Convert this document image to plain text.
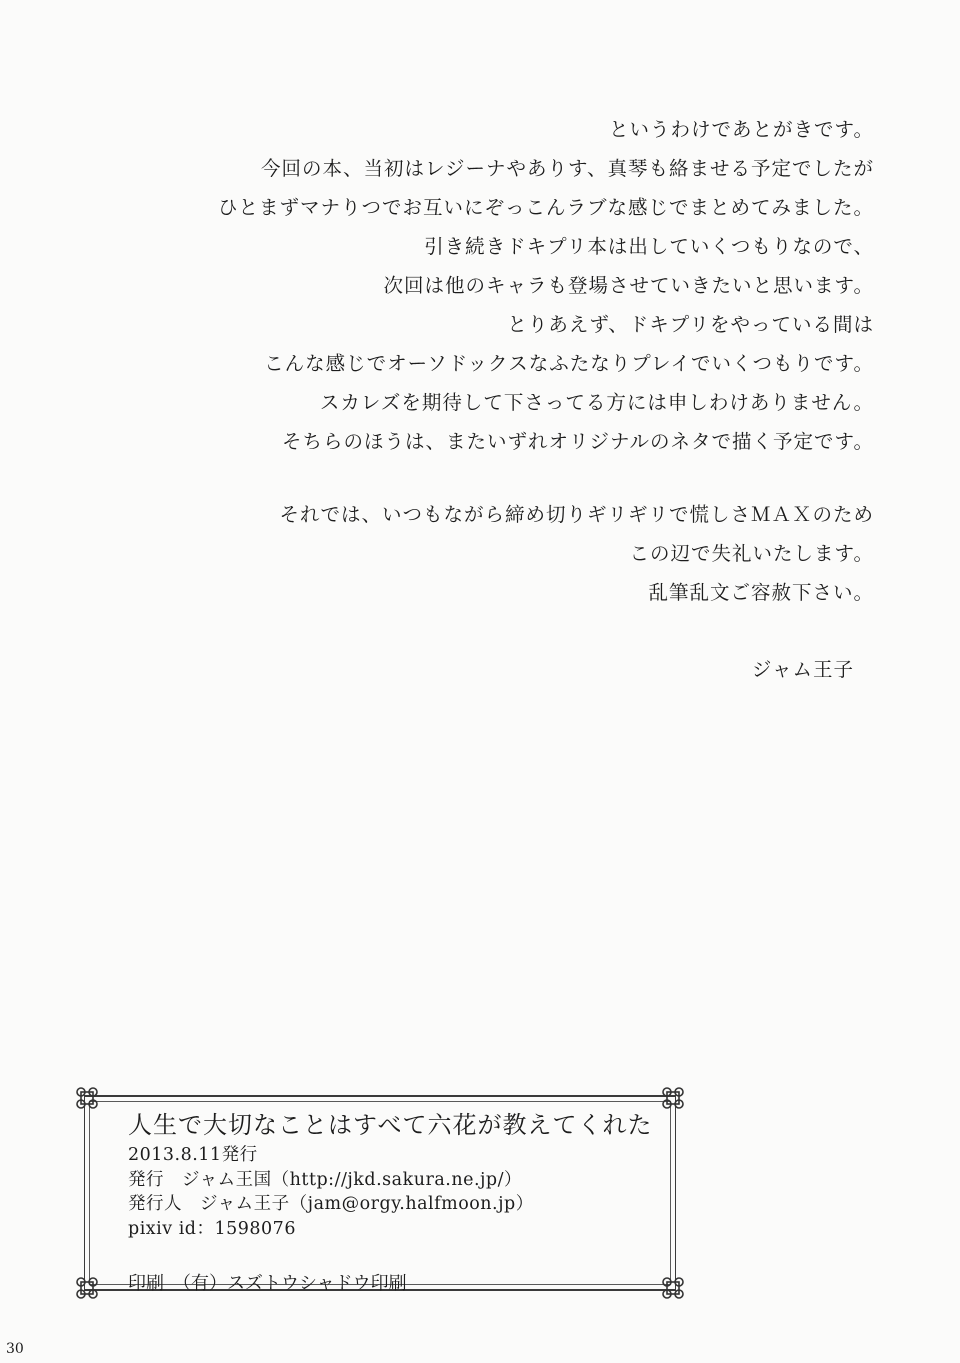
というわけであとがきです。
今回の本、当初はレジーナやありす、真琴も絡ませる予定でしたが
ひとまずマナりつでお互いにぞっこんラブな感じでまとめてみました。
引き続きドキプリ本は出していくつもりなので、
次回は他のキャラも登場させていきたいと思います。
とりあえず、ドキプリをやっている間は
こんな感じでオーソドックスなふたなりプレイでいくつもりです。
スカレズを期待して下さってる方には申しわけありません。
そちらのほうは、またいずれオリジナルのネタで描く予定です。
それでは、いつもながら締め切りギリギリで慌しさＭＡＸのため
この辺で失礼いたします。
乱筆乱文ご容赦下さい。
ジャム王子
人生で大切なことはすべて六花が教えてくれた
2013.8.11発行
発行　ジャム王国（http://jkd.sakura.ne.jp/）
発行人　ジャム王子（jam@orgy.halfmoon.jp）
pixiv id：1598076
印刷　（有）スズトウシャドウ印刷
30
